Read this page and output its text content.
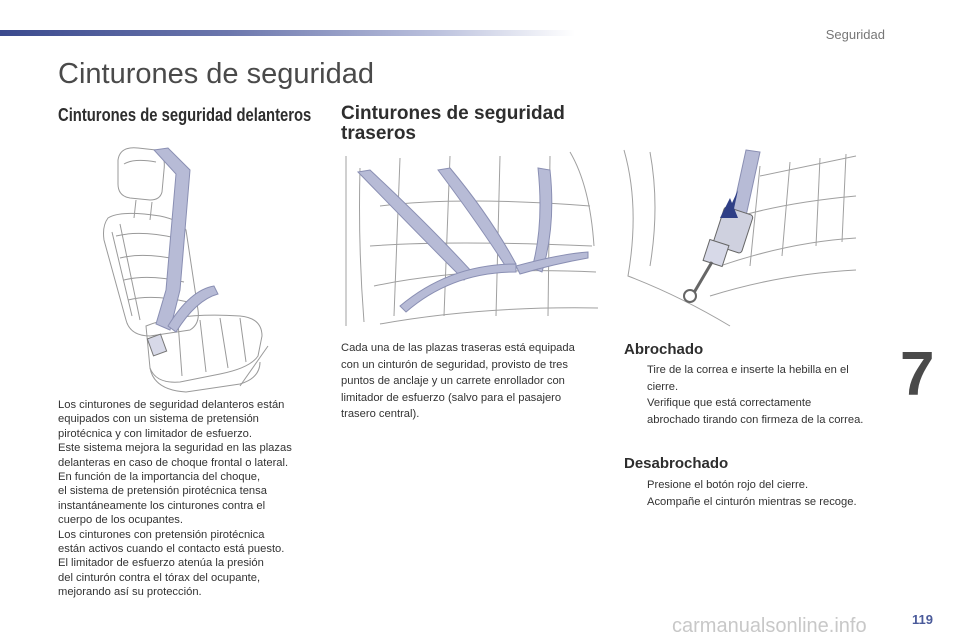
Seguridad
Cinturones de seguridad
Cinturones de seguridad delanteros Cinturones de seguridad
traseros

Los cinturones de seguridad delanteros están

equipados con un sistema de pretensión

pirotécnica y con limitador de esfuerzo.

Este sistema mejora la seguridad en las plazas

delanteras en caso de choque frontal o lateral.

En función de la importancia del choque,

el sistema de pretensión pirotécnica tensa

instantáneamente los cinturones contra el

cuerpo de los ocupantes.

Los cinturones con pretensión pirotécnica

están activos cuando el contacto está puesto.

El limitador de esfuerzo atenúa la presión

del cinturón contra el tórax del ocupante,

mejorando así su protección.

Cada una de las plazas traseras está equipada

con un cinturón de seguridad, provisto de tres

puntos de anclaje y un carrete enrollador con

limitador de esfuerzo (salvo para el pasajero

trasero central).

Abrochado
Tire de la correa e inserte la hebilla en el
cierre.
Verifique que está correctamente
abrochado tirando con firmeza de la correa.
Desabrochado
Presione el botón rojo del cierre.
Acompañe el cinturón mientras se recoge.
7
carmanualsonline.info	119
